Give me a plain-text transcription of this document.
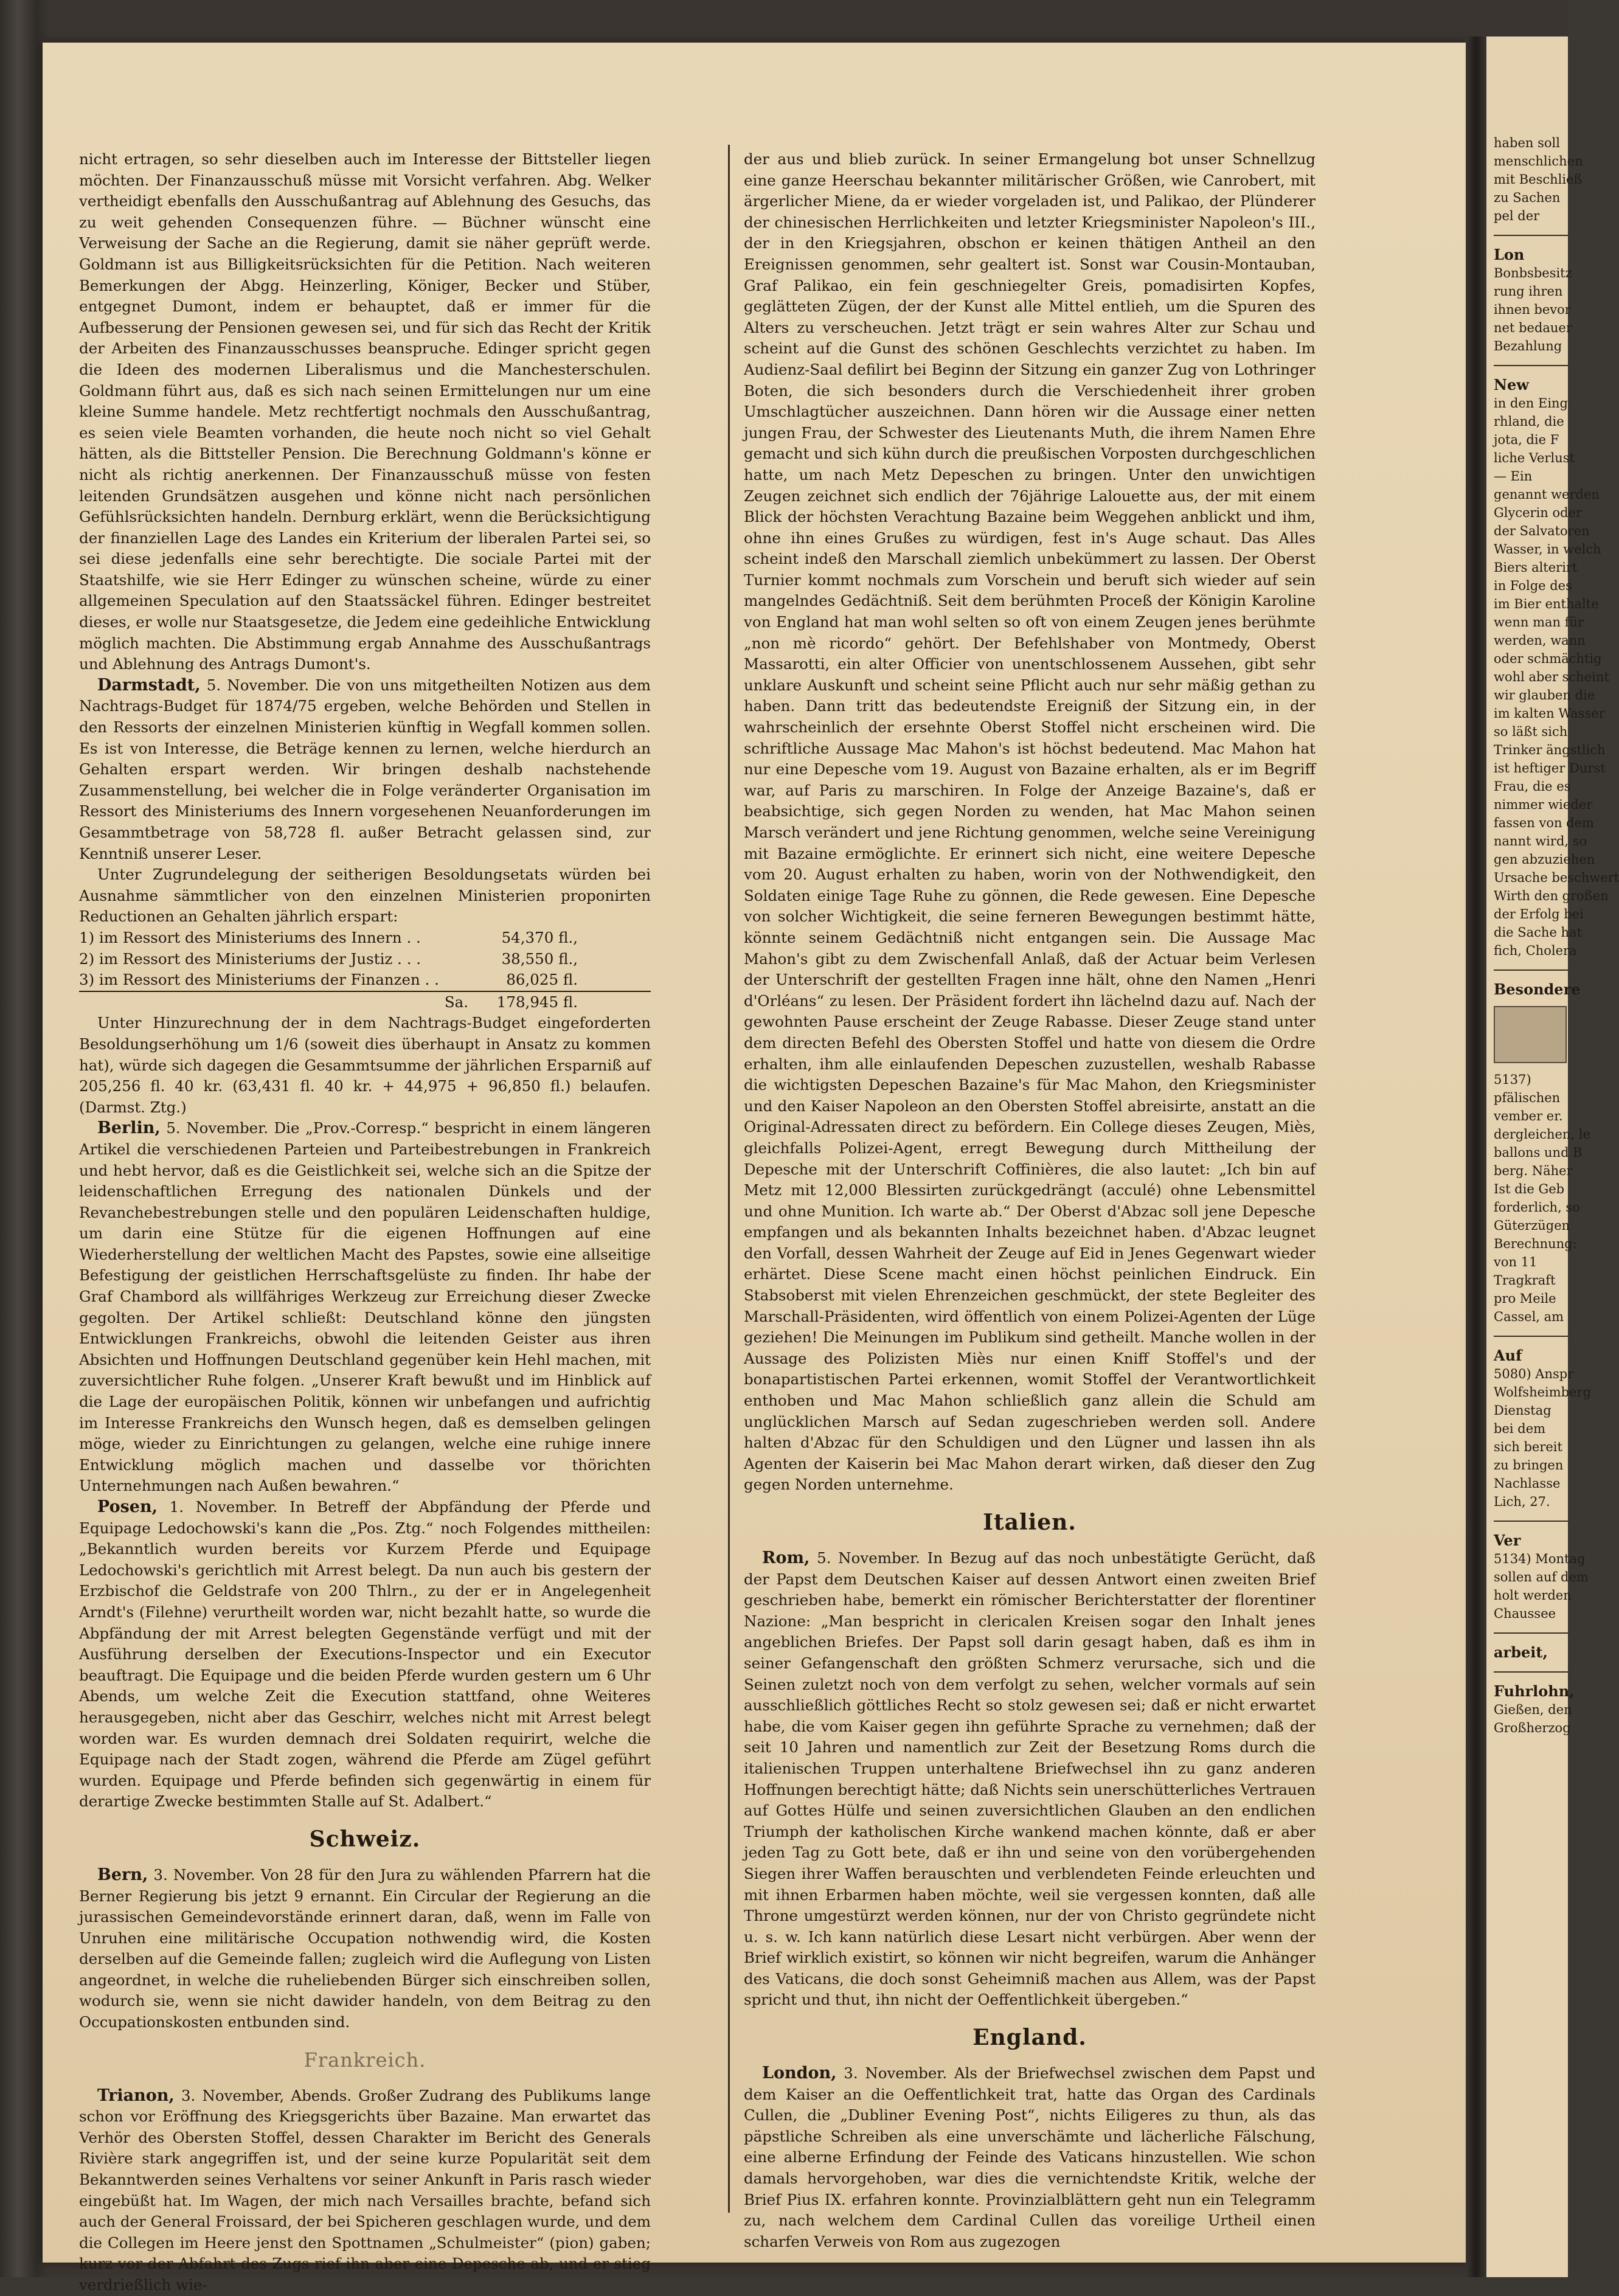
nicht ertragen, so sehr dieselben auch im Interesse der Bittsteller liegen möchten. Der Finanzausschuß müsse mit Vorsicht verfahren. Abg. Welker vertheidigt ebenfalls den Ausschußantrag auf Ablehnung des Gesuchs, das zu weit gehenden Consequenzen führe. — Büchner wünscht eine Verweisung der Sache an die Regierung, damit sie näher geprüft werde. Goldmann ist aus Billigkeitsrücksichten für die Petition. Nach weiteren Bemerkungen der Abgg. Heinzerling, Königer, Becker und Stüber, entgegnet Dumont, indem er behauptet, daß er immer für die Aufbesserung der Pensionen gewesen sei, und für sich das Recht der Kritik der Arbeiten des Finanzausschusses beanspruche. Edinger spricht gegen die Ideen des modernen Liberalismus und die Manchesterschulen. Goldmann führt aus, daß es sich nach seinen Ermittelungen nur um eine kleine Summe handele. Metz rechtfertigt nochmals den Ausschußantrag, es seien viele Beamten vorhanden, die heute noch nicht so viel Gehalt hätten, als die Bittsteller Pension. Die Berechnung Goldmann's könne er nicht als richtig anerkennen. Der Finanzausschuß müsse von festen leitenden Grundsätzen ausgehen und könne nicht nach persönlichen Gefühlsrücksichten handeln. Dernburg erklärt, wenn die Berücksichtigung der finanziellen Lage des Landes ein Kriterium der liberalen Partei sei, so sei diese jedenfalls eine sehr berechtigte. Die sociale Partei mit der Staatshilfe, wie sie Herr Edinger zu wünschen scheine, würde zu einer allgemeinen Speculation auf den Staatssäckel führen. Edinger bestreitet dieses, er wolle nur Staatsgesetze, die Jedem eine gedeihliche Entwicklung möglich machten. Die Abstimmung ergab Annahme des Ausschußantrags und Ablehnung des Antrags Dumont's.

Darmstadt, 5. November. Die von uns mitgetheilten Notizen aus dem Nachtrags-Budget für 1874/75 ergeben, welche Behörden und Stellen in den Ressorts der einzelnen Ministerien künftig in Wegfall kommen sollen. Es ist von Interesse, die Beträge kennen zu lernen, welche hierdurch an Gehalten erspart werden. Wir bringen deshalb nachstehende Zusammenstellung, bei welcher die in Folge veränderter Organisation im Ressort des Ministeriums des Innern vorgesehenen Neuanforderungen im Gesammtbetrage von 58,728 fl. außer Betracht gelassen sind, zur Kenntniß unserer Leser.

Unter Zugrundelegung der seitherigen Besoldungsetats würden bei Ausnahme sämmtlicher von den einzelnen Ministerien proponirten Reductionen an Gehalten jährlich erspart:

1) im Ressort des Ministeriums des Innern . .	54,370 fl.,
2) im Ressort des Ministeriums der Justiz . . .	38,550 fl.,
3) im Ressort des Ministeriums der Finanzen . .	86,025 fl.
Sa.	178,945 fl.

Unter Hinzurechnung der in dem Nachtrags-Budget eingeforderten Besoldungserhöhung um 1/6 (soweit dies überhaupt in Ansatz zu kommen hat), würde sich dagegen die Gesammtsumme der jährlichen Ersparniß auf 205,256 fl. 40 kr. (63,431 fl. 40 kr. + 44,975 + 96,850 fl.) belaufen. (Darmst. Ztg.)

Berlin, 5. November. Die „Prov.-Corresp.“ bespricht in einem längeren Artikel die verschiedenen Parteien und Parteibestrebungen in Frankreich und hebt hervor, daß es die Geistlichkeit sei, welche sich an die Spitze der leidenschaftlichen Erregung des nationalen Dünkels und der Revanchebestrebungen stelle und den populären Leidenschaften huldige, um darin eine Stütze für die eigenen Hoffnungen auf eine Wiederherstellung der weltlichen Macht des Papstes, sowie eine allseitige Befestigung der geistlichen Herrschaftsgelüste zu finden. Ihr habe der Graf Chambord als willfähriges Werkzeug zur Erreichung dieser Zwecke gegolten. Der Artikel schließt: Deutschland könne den jüngsten Entwicklungen Frankreichs, obwohl die leitenden Geister aus ihren Absichten und Hoffnungen Deutschland gegenüber kein Hehl machen, mit zuversichtlicher Ruhe folgen. „Unserer Kraft bewußt und im Hinblick auf die Lage der europäischen Politik, können wir unbefangen und aufrichtig im Interesse Frankreichs den Wunsch hegen, daß es demselben gelingen möge, wieder zu Einrichtungen zu gelangen, welche eine ruhige innere Entwicklung möglich machen und dasselbe vor thörichten Unternehmungen nach Außen bewahren.“

Posen, 1. November. In Betreff der Abpfändung der Pferde und Equipage Ledochowski's kann die „Pos. Ztg.“ noch Folgendes mittheilen: „Bekanntlich wurden bereits vor Kurzem Pferde und Equipage Ledochowski's gerichtlich mit Arrest belegt. Da nun auch bis gestern der Erzbischof die Geldstrafe von 200 Thlrn., zu der er in Angelegenheit Arndt's (Filehne) verurtheilt worden war, nicht bezahlt hatte, so wurde die Abpfändung der mit Arrest belegten Gegenstände verfügt und mit der Ausführung derselben der Executions-Inspector und ein Executor beauftragt. Die Equipage und die beiden Pferde wurden gestern um 6 Uhr Abends, um welche Zeit die Execution stattfand, ohne Weiteres herausgegeben, nicht aber das Geschirr, welches nicht mit Arrest belegt worden war. Es wurden demnach drei Soldaten requirirt, welche die Equipage nach der Stadt zogen, während die Pferde am Zügel geführt wurden. Equipage und Pferde befinden sich gegenwärtig in einem für derartige Zwecke bestimmten Stalle auf St. Adalbert.“

Schweiz.

Bern, 3. November. Von 28 für den Jura zu wählenden Pfarrern hat die Berner Regierung bis jetzt 9 ernannt. Ein Circular der Regierung an die jurassischen Gemeindevorstände erinnert daran, daß, wenn im Falle von Unruhen eine militärische Occupation nothwendig wird, die Kosten derselben auf die Gemeinde fallen; zugleich wird die Auflegung von Listen angeordnet, in welche die ruheliebenden Bürger sich einschreiben sollen, wodurch sie, wenn sie nicht dawider handeln, von dem Beitrag zu den Occupationskosten entbunden sind.

Frankreich.

Trianon, 3. November, Abends. Großer Zudrang des Publikums lange schon vor Eröffnung des Kriegsgerichts über Bazaine. Man erwartet das Verhör des Obersten Stoffel, dessen Charakter im Bericht des Generals Rivière stark angegriffen ist, und der seine kurze Popularität seit dem Bekanntwerden seines Verhaltens vor seiner Ankunft in Paris rasch wieder eingebüßt hat. Im Wagen, der mich nach Versailles brachte, befand sich auch der General Froissard, der bei Spicheren geschlagen wurde, und dem die Collegen im Heere jenst den Spottnamen „Schulmeister“ (pion) gaben; kurz vor der Abfahrt des Zugs rief ihn aber eine Depesche ab, und er stieg verdrießlich wie-

der aus und blieb zurück. In seiner Ermangelung bot unser Schnellzug eine ganze Heerschau bekannter militärischer Größen, wie Canrobert, mit ärgerlicher Miene, da er wieder vorgeladen ist, und Palikao, der Plünderer der chinesischen Herrlichkeiten und letzter Kriegsminister Napoleon's III., der in den Kriegsjahren, obschon er keinen thätigen Antheil an den Ereignissen genommen, sehr gealtert ist. Sonst war Cousin-Montauban, Graf Palikao, ein fein geschniegelter Greis, pomadisirten Kopfes, geglätteten Zügen, der der Kunst alle Mittel entlieh, um die Spuren des Alters zu verscheuchen. Jetzt trägt er sein wahres Alter zur Schau und scheint auf die Gunst des schönen Geschlechts verzichtet zu haben. Im Audienz-Saal defilirt bei Beginn der Sitzung ein ganzer Zug von Lothringer Boten, die sich besonders durch die Verschiedenheit ihrer groben Umschlagtücher auszeichnen. Dann hören wir die Aussage einer netten jungen Frau, der Schwester des Lieutenants Muth, die ihrem Namen Ehre gemacht und sich kühn durch die preußischen Vorposten durchgeschlichen hatte, um nach Metz Depeschen zu bringen. Unter den unwichtigen Zeugen zeichnet sich endlich der 76jährige Lalouette aus, der mit einem Blick der höchsten Verachtung Bazaine beim Weggehen anblickt und ihm, ohne ihn eines Grußes zu würdigen, fest in's Auge schaut. Das Alles scheint indeß den Marschall ziemlich unbekümmert zu lassen. Der Oberst Turnier kommt nochmals zum Vorschein und beruft sich wieder auf sein mangelndes Gedächtniß. Seit dem berühmten Proceß der Königin Karoline von England hat man wohl selten so oft von einem Zeugen jenes berühmte „non mè ricordo“ gehört. Der Befehlshaber von Montmedy, Oberst Massarotti, ein alter Officier von unentschlossenem Aussehen, gibt sehr unklare Auskunft und scheint seine Pflicht auch nur sehr mäßig gethan zu haben. Dann tritt das bedeutendste Ereigniß der Sitzung ein, in der wahrscheinlich der ersehnte Oberst Stoffel nicht erscheinen wird. Die schriftliche Aussage Mac Mahon's ist höchst bedeutend. Mac Mahon hat nur eine Depesche vom 19. August von Bazaine erhalten, als er im Begriff war, auf Paris zu marschiren. In Folge der Anzeige Bazaine's, daß er beabsichtige, sich gegen Norden zu wenden, hat Mac Mahon seinen Marsch verändert und jene Richtung genommen, welche seine Vereinigung mit Bazaine ermöglichte. Er erinnert sich nicht, eine weitere Depesche vom 20. August erhalten zu haben, worin von der Nothwendigkeit, den Soldaten einige Tage Ruhe zu gönnen, die Rede gewesen. Eine Depesche von solcher Wichtigkeit, die seine ferneren Bewegungen bestimmt hätte, könnte seinem Gedächtniß nicht entgangen sein. Die Aussage Mac Mahon's gibt zu dem Zwischenfall Anlaß, daß der Actuar beim Verlesen der Unterschrift der gestellten Fragen inne hält, ohne den Namen „Henri d'Orléans“ zu lesen. Der Präsident fordert ihn lächelnd dazu auf. Nach der gewohnten Pause erscheint der Zeuge Rabasse. Dieser Zeuge stand unter dem directen Befehl des Obersten Stoffel und hatte von diesem die Ordre erhalten, ihm alle einlaufenden Depeschen zuzustellen, weshalb Rabasse die wichtigsten Depeschen Bazaine's für Mac Mahon, den Kriegsminister und den Kaiser Napoleon an den Obersten Stoffel abreisirte, anstatt an die Original-Adressaten direct zu befördern. Ein College dieses Zeugen, Miès, gleichfalls Polizei-Agent, erregt Bewegung durch Mittheilung der Depesche mit der Unterschrift Coffinières, die also lautet: „Ich bin auf Metz mit 12,000 Blessirten zurückgedrängt (acculé) ohne Lebensmittel und ohne Munition. Ich warte ab.“ Der Oberst d'Abzac soll jene Depesche empfangen und als bekannten Inhalts bezeichnet haben. d'Abzac leugnet den Vorfall, dessen Wahrheit der Zeuge auf Eid in Jenes Gegenwart wieder erhärtet. Diese Scene macht einen höchst peinlichen Eindruck. Ein Stabsoberst mit vielen Ehrenzeichen geschmückt, der stete Begleiter des Marschall-Präsidenten, wird öffentlich von einem Polizei-Agenten der Lüge geziehen! Die Meinungen im Publikum sind getheilt. Manche wollen in der Aussage des Polizisten Miès nur einen Kniff Stoffel's und der bonapartistischen Partei erkennen, womit Stoffel der Verantwortlichkeit enthoben und Mac Mahon schließlich ganz allein die Schuld am unglücklichen Marsch auf Sedan zugeschrieben werden soll. Andere halten d'Abzac für den Schuldigen und den Lügner und lassen ihn als Agenten der Kaiserin bei Mac Mahon derart wirken, daß dieser den Zug gegen Norden unternehme.

Italien.

Rom, 5. November. In Bezug auf das noch unbestätigte Gerücht, daß der Papst dem Deutschen Kaiser auf dessen Antwort einen zweiten Brief geschrieben habe, bemerkt ein römischer Berichterstatter der florentiner Nazione: „Man bespricht in clericalen Kreisen sogar den Inhalt jenes angeblichen Briefes. Der Papst soll darin gesagt haben, daß es ihm in seiner Gefangenschaft den größten Schmerz verursache, sich und die Seinen zuletzt noch von dem verfolgt zu sehen, welcher vormals auf sein ausschließlich göttliches Recht so stolz gewesen sei; daß er nicht erwartet habe, die vom Kaiser gegen ihn geführte Sprache zu vernehmen; daß der seit 10 Jahren und namentlich zur Zeit der Besetzung Roms durch die italienischen Truppen unterhaltene Briefwechsel ihn zu ganz anderen Hoffnungen berechtigt hätte; daß Nichts sein unerschütterliches Vertrauen auf Gottes Hülfe und seinen zuversichtlichen Glauben an den endlichen Triumph der katholischen Kirche wankend machen könnte, daß er aber jeden Tag zu Gott bete, daß er ihn und seine von den vorübergehenden Siegen ihrer Waffen berauschten und verblendeten Feinde erleuchten und mit ihnen Erbarmen haben möchte, weil sie vergessen konnten, daß alle Throne umgestürzt werden können, nur der von Christo gegründete nicht u. s. w. Ich kann natürlich diese Lesart nicht verbürgen. Aber wenn der Brief wirklich existirt, so können wir nicht begreifen, warum die Anhänger des Vaticans, die doch sonst Geheimniß machen aus Allem, was der Papst spricht und thut, ihn nicht der Oeffentlichkeit übergeben.“

England.

London, 3. November. Als der Briefwechsel zwischen dem Papst und dem Kaiser an die Oeffentlichkeit trat, hatte das Organ des Cardinals Cullen, die „Dubliner Evening Post“, nichts Eiligeres zu thun, als das päpstliche Schreiben als eine unverschämte und lächerliche Fälschung, eine alberne Erfindung der Feinde des Vaticans hinzustellen. Wie schon damals hervorgehoben, war dies die vernichtendste Kritik, welche der Brief Pius IX. erfahren konnte. Provinzialblättern geht nun ein Telegramm zu, nach welchem dem Cardinal Cullen das voreilige Urtheil einen scharfen Verweis von Rom aus zugezogen

haben soll

menschlichen

mit Beschließ

zu Sachen

pel der

Lon

Bonbsbesitz

rung ihren

ihnen bevor

net bedauer

Bezahlung

New

in den Eing

rhland, die

jota, die F

liche Verlust

— Ein

genannt werden

Glycerin oder

der Salvatoren

Wasser, in welch

Biers alterirt

in Folge des

im Bier enthalte

wenn man für

werden, wann

oder schmächtig

wohl aber scheint

wir glauben die

im kalten Wasser

so läßt sich

Trinker ängstlich

ist heftiger Durst

Frau, die es

nimmer wieder

fassen von dem

nannt wird, so

gen abzuziehen

Ursache beschwert

Wirth den großen

der Erfolg bei

die Sache hat

fich, Cholera

Besondere

5137)

pfälischen

vember er.

dergleichen, le

ballons und B

berg. Näher

Ist die Geb

forderlich, so

Güterzügen

Berechnung:

von 11

Tragkraft

pro Meile

Cassel, am

Auf

5080) Anspr

Wolfsheimberg

Dienstag

bei dem

sich bereit

zu bringen

Nachlasse

Lich, 27.

Ver

5134) Montag

sollen auf dem

holt werden

Chaussee

arbeit,

Fuhrlohn,

Gießen, den

Großherzog
